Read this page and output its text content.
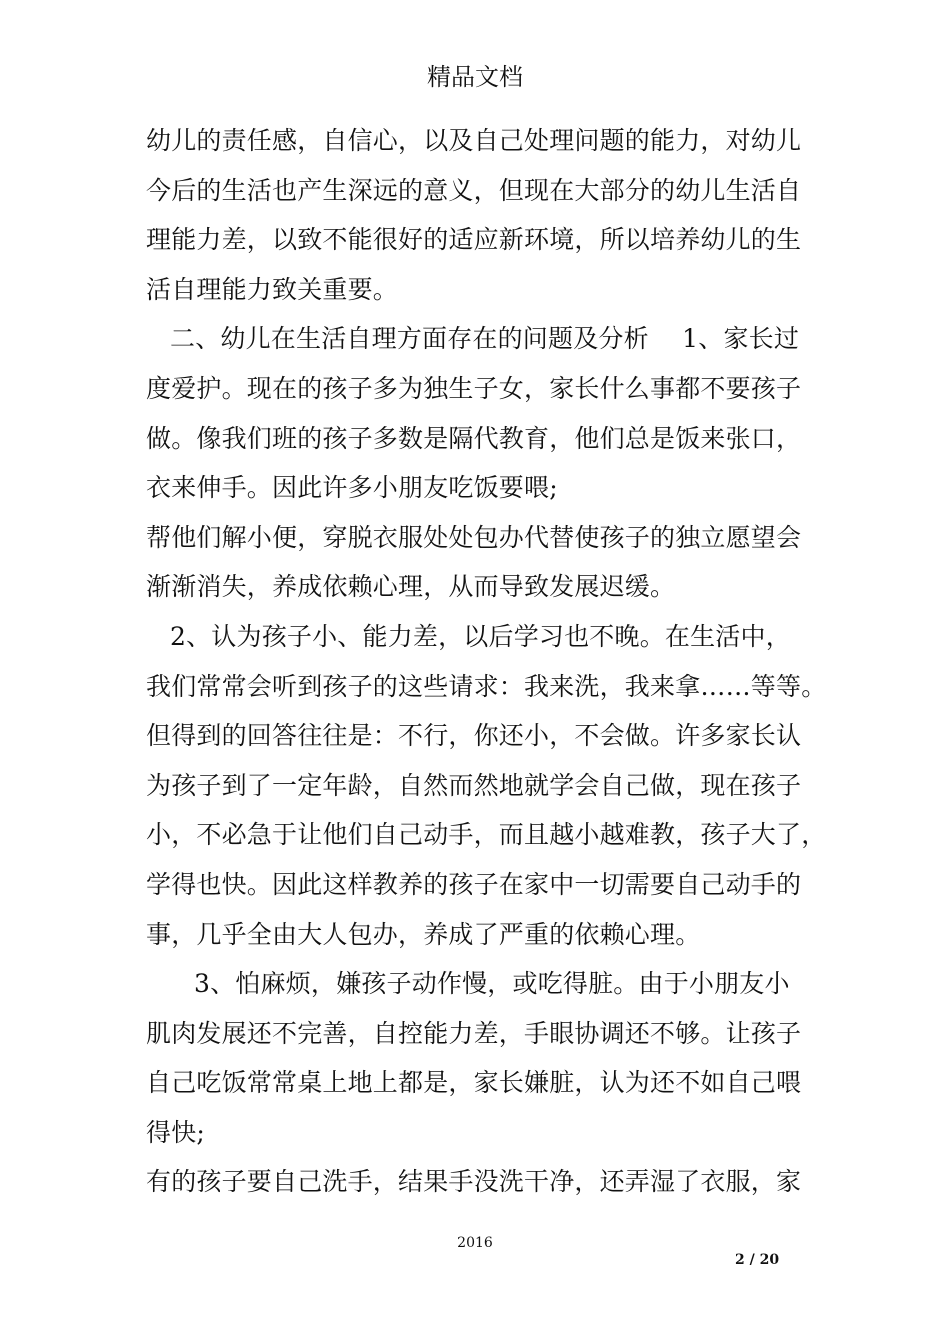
精品文档
幼儿的责任感，自信心，以及自己处理问题的能力，对幼儿
今后的生活也产生深远的意义，但现在大部分的幼儿生活自
理能力差，以致不能很好的适应新环境，所以培养幼儿的生
活自理能力致关重要。
二、幼儿在生活自理方面存在的问题及分析　 1、家长过
度爱护。现在的孩子多为独生子女，家长什么事都不要孩子
做。像我们班的孩子多数是隔代教育，他们总是饭来张口，
衣来伸手。因此许多小朋友吃饭要喂;
帮他们解小便，穿脱衣服处处包办代替使孩子的独立愿望会
渐渐消失，养成依赖心理，从而导致发展迟缓。
2、认为孩子小、能力差，以后学习也不晚。在生活中，
我们常常会听到孩子的这些请求：我来洗，我来拿……等等。
但得到的回答往往是：不行，你还小，不会做。许多家长认
为孩子到了一定年龄，自然而然地就学会自己做，现在孩子
小，不必急于让他们自己动手，而且越小越难教，孩子大了，
学得也快。因此这样教养的孩子在家中一切需要自己动手的
事，几乎全由大人包办，养成了严重的依赖心理。
3、怕麻烦，嫌孩子动作慢，或吃得脏。由于小朋友小
肌肉发展还不完善，自控能力差，手眼协调还不够。让孩子
自己吃饭常常桌上地上都是，家长嫌脏，认为还不如自己喂
得快;
有的孩子要自己洗手，结果手没洗干净，还弄湿了衣服，家
2016
2 / 20
